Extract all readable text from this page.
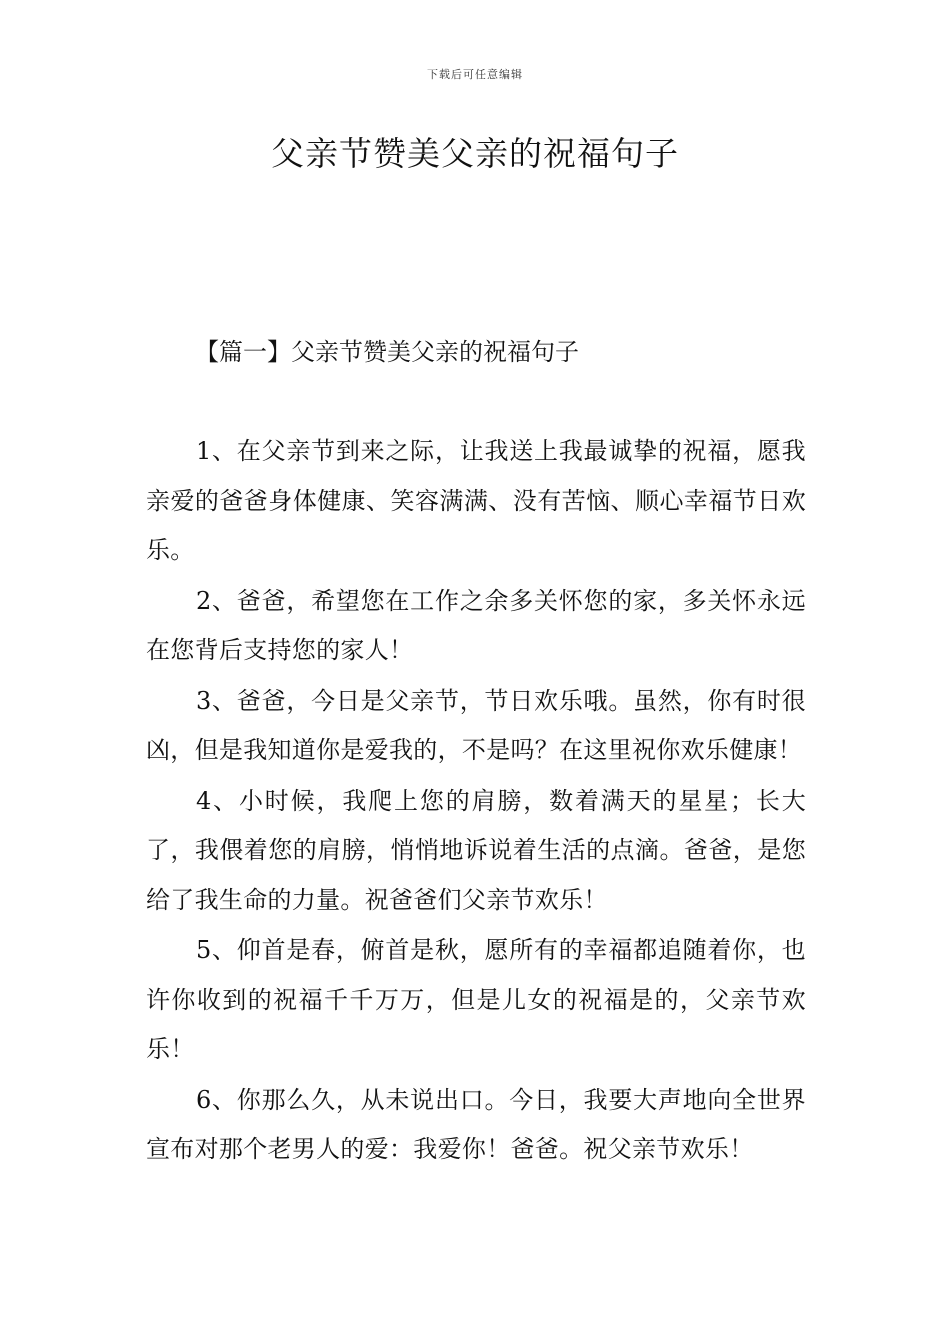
下载后可任意编辑
父亲节赞美父亲的祝福句子
【篇一】父亲节赞美父亲的祝福句子

1、在父亲节到来之际，让我送上我最诚挚的祝福，愿我亲爱的爸爸身体健康、笑容满满、没有苦恼、顺心幸福节日欢乐。

2、爸爸，希望您在工作之余多关怀您的家，多关怀永远在您背后支持您的家人！

3、爸爸，今日是父亲节，节日欢乐哦。虽然，你有时很凶，但是我知道你是爱我的，不是吗？在这里祝你欢乐健康！

4、小时候，我爬上您的肩膀，数着满天的星星；长大了，我偎着您的肩膀，悄悄地诉说着生活的点滴。爸爸，是您给了我生命的力量。祝爸爸们父亲节欢乐！

5、仰首是春，俯首是秋，愿所有的幸福都追随着你，也许你收到的祝福千千万万，但是儿女的祝福是的，父亲节欢乐！

6、你那么久，从未说出口。今日，我要大声地向全世界宣布对那个老男人的爱：我爱你！爸爸。祝父亲节欢乐！
